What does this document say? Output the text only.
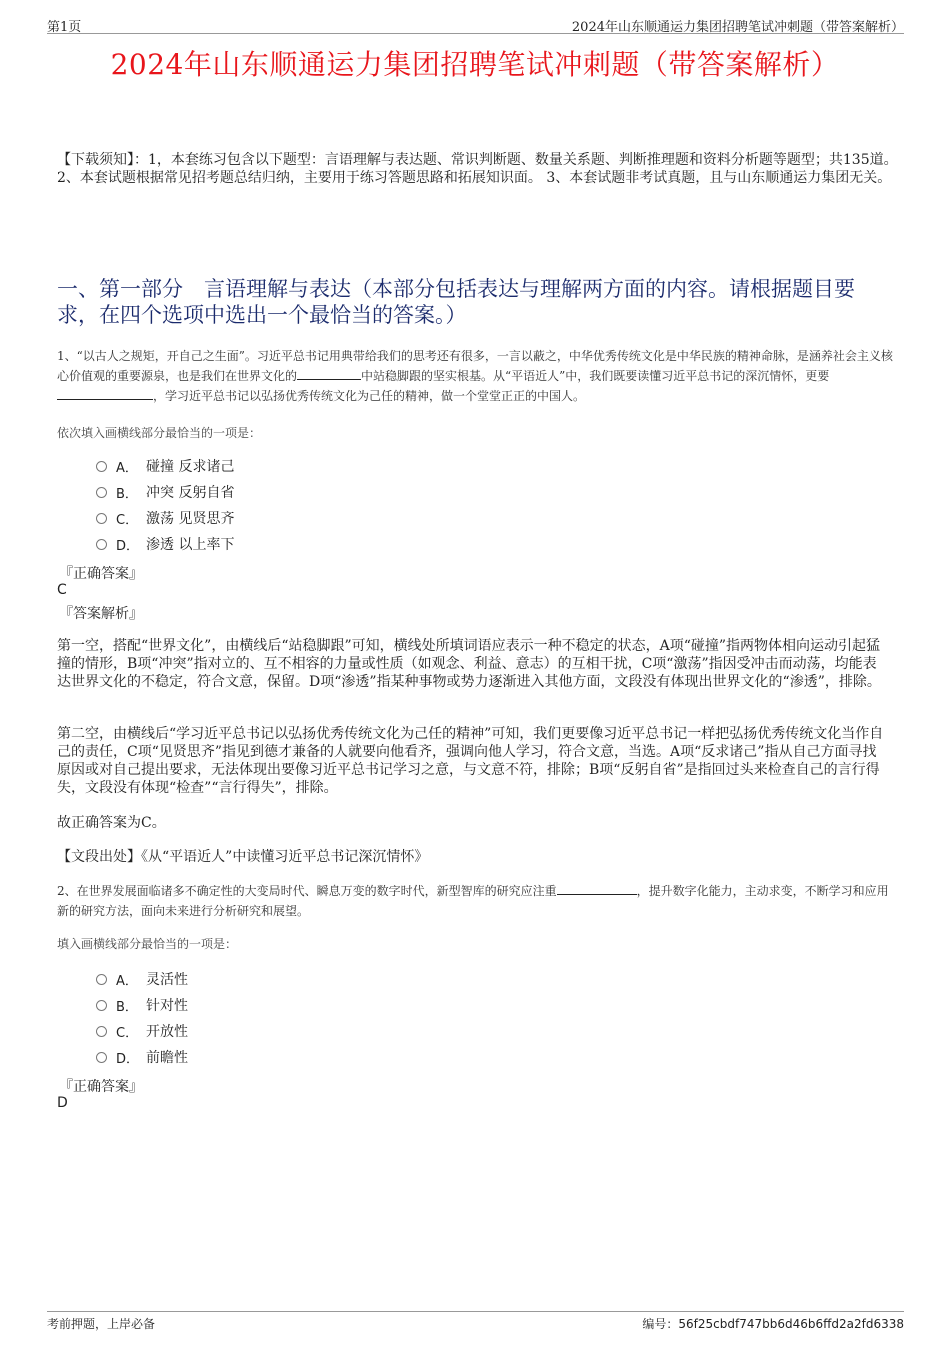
第1页	2024年山东顺通运力集团招聘笔试冲刺题（带答案解析）
2024年山东顺通运力集团招聘笔试冲刺题（带答案解析）
【下载须知】：1，本套练习包含以下题型：言语理解与表达题、常识判断题、数量关系题、判断推理题和资料分析题等题型；共135道。 2、本套试题根据常见招考题总结归纳，主要用于练习答题思路和拓展知识面。 3、本套试题非考试真题，且与山东顺通运力集团无关。
一、第一部分　言语理解与表达（本部分包括表达与理解两方面的内容。请根据题目要求，在四个选项中选出一个最恰当的答案。）
1、“以古人之规矩，开自己之生面”。习近平总书记用典带给我们的思考还有很多，一言以蔽之，中华优秀传统文化是中华民族的精神命脉，是涵养社会主义核心价值观的重要源泉，也是我们在世界文化的	中站稳脚跟的坚实根基。从“平语近人”中，我们既要读懂习近平总书记的深沉情怀，更要，学习近平总书记以弘扬优秀传统文化为己任的精神，做一个堂堂正正的中国人。
依次填入画横线部分最恰当的一项是：
A． 碰撞 反求诸己
B． 冲突 反躬自省
C． 激荡 见贤思齐
D． 渗透 以上率下
『正确答案』
C
『答案解析』
第一空，搭配“世界文化”，由横线后“站稳脚跟”可知，横线处所填词语应表示一种不稳定的状态，A项“碰撞”指两物体相向运动引起猛撞的情形，B项“冲突”指对立的、互不相容的力量或性质（如观念、利益、意志）的互相干扰，C项“激荡”指因受冲击而动荡，均能表达世界文化的不稳定，符合文意，保留。D项“渗透”指某种事物或势力逐渐进入其他方面，文段没有体现出世界文化的“渗透”，排除。
第二空，由横线后“学习近平总书记以弘扬优秀传统文化为己任的精神”可知，我们更要像习近平总书记一样把弘扬优秀传统文化当作自己的责任，C项“见贤思齐”指见到德才兼备的人就要向他看齐，强调向他人学习，符合文意，当选。A项“反求诸己”指从自己方面寻找原因或对自己提出要求，无法体现出要像习近平总书记学习之意，与文意不符，排除；B项“反躬自省”是指回过头来检查自己的言行得失，文段没有体现“检查”“言行得失”，排除。
故正确答案为C。
【文段出处】《从“平语近人”中读懂习近平总书记深沉情怀》
2、在世界发展面临诸多不确定性的大变局时代、瞬息万变的数字时代，新型智库的研究应注重	，提升数字化能力，主动求变，不断学习和应用新的研究方法，面向未来进行分析研究和展望。
填入画横线部分最恰当的一项是：
A． 灵活性
B． 针对性
C． 开放性
D． 前瞻性
『正确答案』
D
考前押题，上岸必备	编号：56f25cbdf747bb6d46b6ffd2a2fd6338
